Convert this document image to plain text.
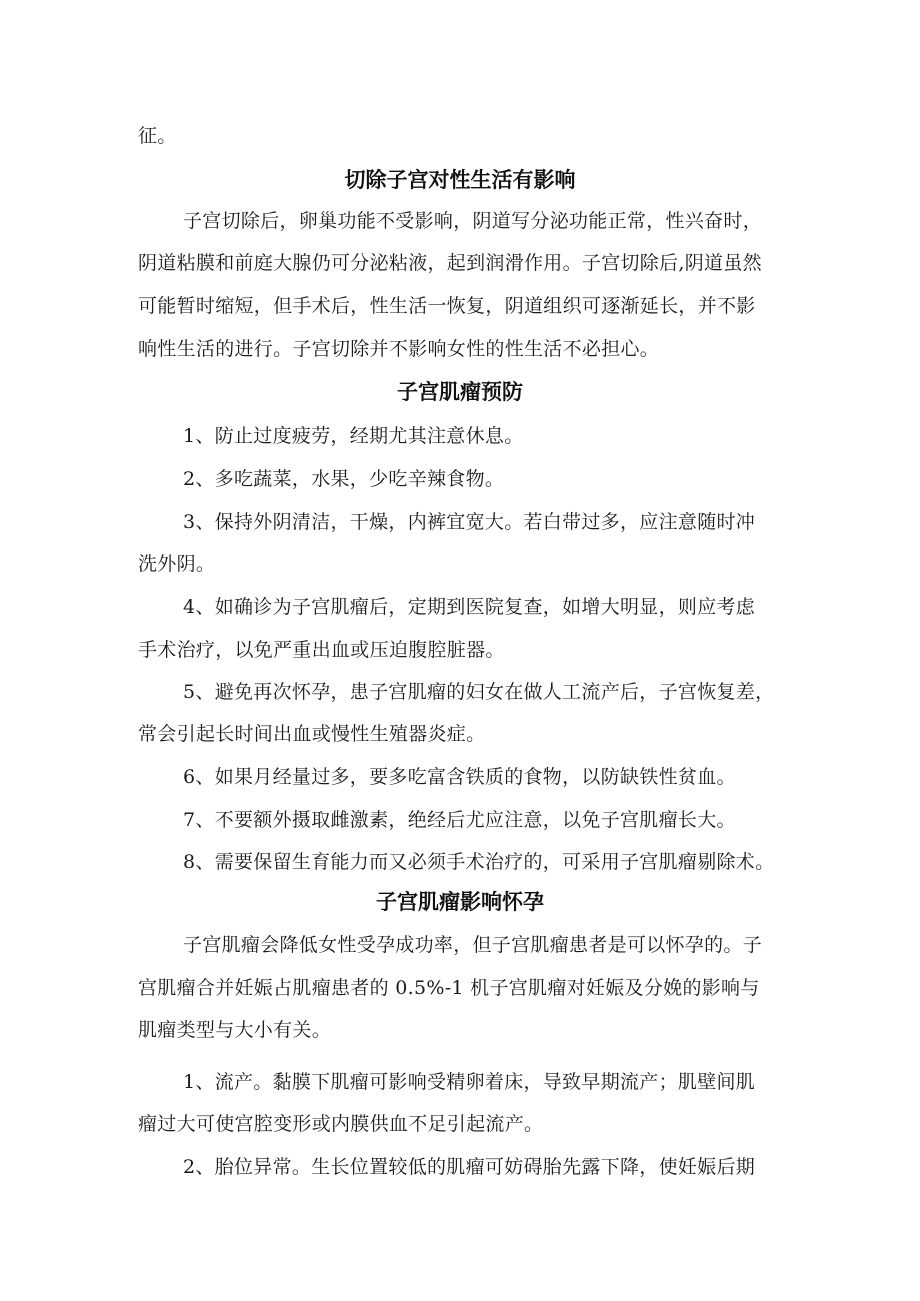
征。

切除子宫对性生活有影响

子宫切除后，卵巢功能不受影响，阴道写分泌功能正常，性兴奋时，

阴道粘膜和前庭大腺仍可分泌粘液，起到润滑作用。子宫切除后,阴道虽然

可能暂时缩短，但手术后，性生活一恢复，阴道组织可逐渐延长，并不影

响性生活的进行。子宫切除并不影响女性的性生活不必担心。

子宫肌瘤预防

1、防止过度疲劳，经期尤其注意休息。

2、多吃蔬菜，水果，少吃辛辣食物。

3、保持外阴清洁，干燥，内裤宜宽大。若白带过多，应注意随时冲

洗外阴。

4、如确诊为子宫肌瘤后，定期到医院复查，如增大明显，则应考虑

手术治疗，以免严重出血或压迫腹腔脏器。

5、避免再次怀孕，患子宫肌瘤的妇女在做人工流产后，子宫恢复差，

常会引起长时间出血或慢性生殖器炎症。

6、如果月经量过多，要多吃富含铁质的食物，以防缺铁性贫血。

7、不要额外摄取雌激素，绝经后尤应注意，以免子宫肌瘤长大。

8、需要保留生育能力而又必须手术治疗的，可采用子宫肌瘤剔除术。

子宫肌瘤影响怀孕

子宫肌瘤会降低女性受孕成功率，但子宫肌瘤患者是可以怀孕的。子

宫肌瘤合并妊娠占肌瘤患者的 0.5%-1 机子宫肌瘤对妊娠及分娩的影响与

肌瘤类型与大小有关。

1、流产。黏膜下肌瘤可影响受精卵着床，导致早期流产；肌壁间肌

瘤过大可使宫腔变形或内膜供血不足引起流产。

2、胎位异常。生长位置较低的肌瘤可妨碍胎先露下降，使妊娠后期
